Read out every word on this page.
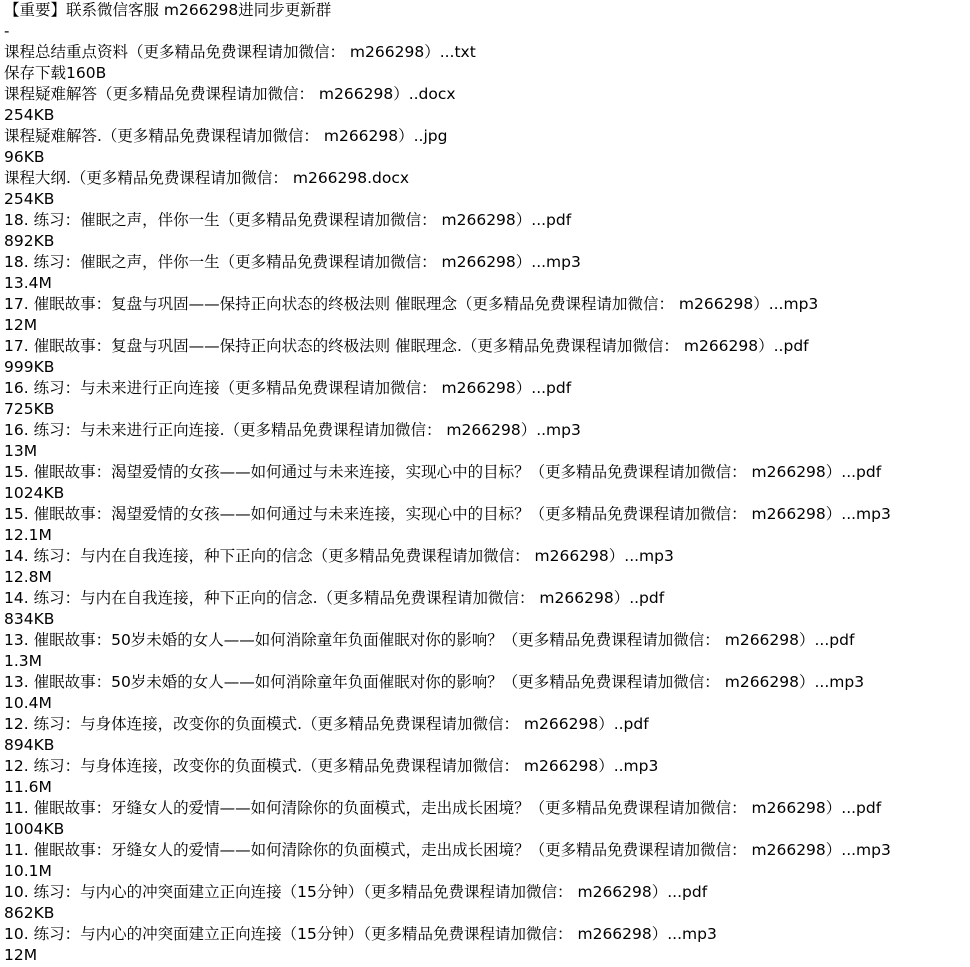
【重要】联系微信客服 m266298进同步更新群
-
课程总结重点资料（更多精品免费课程请加微信： m266298）...txt
保存下载160B
课程疑难解答（更多精品免费课程请加微信： m266298）..docx
254KB
课程疑难解答.（更多精品免费课程请加微信： m266298）..jpg
96KB
课程大纲.（更多精品免费课程请加微信： m266298.docx
254KB
18. 练习：催眠之声，伴你一生（更多精品免费课程请加微信： m266298）...pdf
892KB
18. 练习：催眠之声，伴你一生（更多精品免费课程请加微信： m266298）...mp3
13.4M
17. 催眠故事：复盘与巩固——保持正向状态的终极法则 催眠理念（更多精品免费课程请加微信： m266298）...mp3
12M
17. 催眠故事：复盘与巩固——保持正向状态的终极法则 催眠理念.（更多精品免费课程请加微信： m266298）..pdf
999KB
16. 练习：与未来进行正向连接（更多精品免费课程请加微信： m266298）...pdf
725KB
16. 练习：与未来进行正向连接.（更多精品免费课程请加微信： m266298）..mp3
13M
15. 催眠故事：渴望爱情的女孩——如何通过与未来连接，实现心中的目标？（更多精品免费课程请加微信： m266298）...pdf
1024KB
15. 催眠故事：渴望爱情的女孩——如何通过与未来连接，实现心中的目标？（更多精品免费课程请加微信： m266298）...mp3
12.1M
14. 练习：与内在自我连接，种下正向的信念（更多精品免费课程请加微信： m266298）...mp3
12.8M
14. 练习：与内在自我连接，种下正向的信念.（更多精品免费课程请加微信： m266298）..pdf
834KB
13. 催眠故事：50岁未婚的女人——如何消除童年负面催眠对你的影响？（更多精品免费课程请加微信： m266298）...pdf
1.3M
13. 催眠故事：50岁未婚的女人——如何消除童年负面催眠对你的影响？（更多精品免费课程请加微信： m266298）...mp3
10.4M
12. 练习：与身体连接，改变你的负面模式.（更多精品免费课程请加微信： m266298）..pdf
894KB
12. 练习：与身体连接，改变你的负面模式.（更多精品免费课程请加微信： m266298）..mp3
11.6M
11. 催眠故事：牙缝女人的爱情——如何清除你的负面模式，走出成长困境？（更多精品免费课程请加微信： m266298）...pdf
1004KB
11. 催眠故事：牙缝女人的爱情——如何清除你的负面模式，走出成长困境？（更多精品免费课程请加微信： m266298）...mp3
10.1M
10. 练习：与内心的冲突面建立正向连接（15分钟）（更多精品免费课程请加微信： m266298）...pdf
862KB
10. 练习：与内心的冲突面建立正向连接（15分钟）（更多精品免费课程请加微信： m266298）...mp3
12M
